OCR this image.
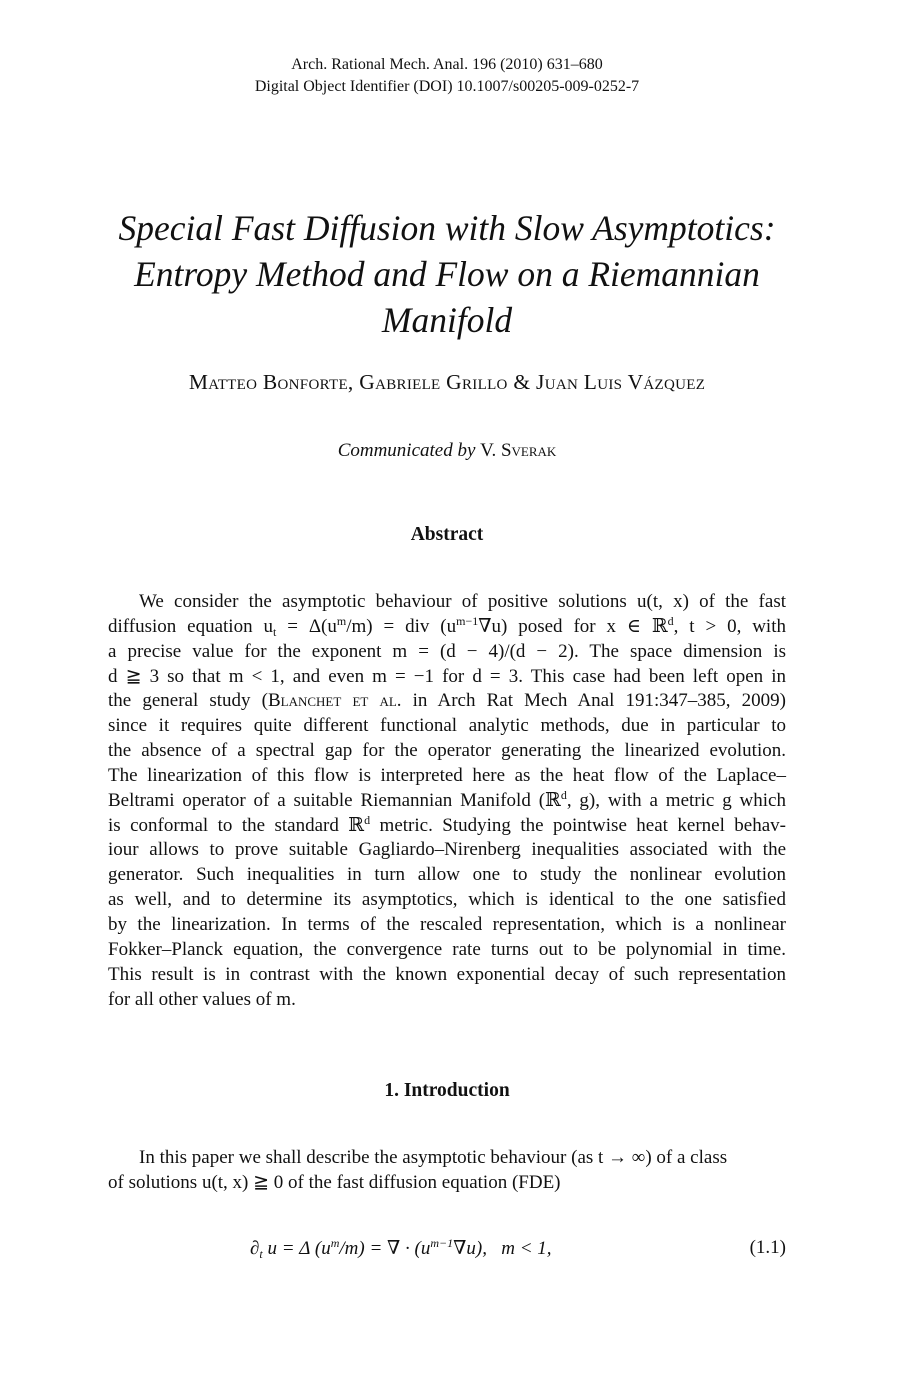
Arch. Rational Mech. Anal. 196 (2010) 631–680
Digital Object Identifier (DOI) 10.1007/s00205-009-0252-7
Special Fast Diffusion with Slow Asymptotics:
Entropy Method and Flow on a Riemannian
Manifold
Matteo Bonforte, Gabriele Grillo & Juan Luis Vázquez
Communicated by V. Sverak
Abstract
We consider the asymptotic behaviour of positive solutions u(t, x) of the fast
diffusion equation $u_t = \Delta(u^m/m)$ = div $(u^{m-1}\nabla u)$ posed for x ∈ ℝ$^d$, t > 0, with
a precise value for the exponent m = (d − 4)/(d − 2). The space dimension is
d ≧ 3 so that m < 1, and even m = −1 for d = 3. This case had been left open in
the general study (Blanchet et al. in Arch Rat Mech Anal 191:347–385, 2009)
since it requires quite different functional analytic methods, due in particular to
the absence of a spectral gap for the operator generating the linearized evolution.
The linearization of this flow is interpreted here as the heat flow of the Laplace–
Beltrami operator of a suitable Riemannian Manifold (ℝ$^d$, g), with a metric g which
is conformal to the standard ℝ$^d$ metric. Studying the pointwise heat kernel behav-
iour allows to prove suitable Gagliardo–Nirenberg inequalities associated with the
generator. Such inequalities in turn allow one to study the nonlinear evolution
as well, and to determine its asymptotics, which is identical to the one satisfied
by the linearization. In terms of the rescaled representation, which is a nonlinear
Fokker–Planck equation, the convergence rate turns out to be polynomial in time.
This result is in contrast with the known exponential decay of such representation
for all other values of m.
1. Introduction
In this paper we shall describe the asymptotic behaviour (as t → ∞) of a class
of solutions u(t, x) ≧ 0 of the fast diffusion equation (FDE)
$\partial_t$ u = Δ $(u^m/m)$ = ∇ · $(u^{m-1}\nabla u)$,   m < 1,	(1.1)
